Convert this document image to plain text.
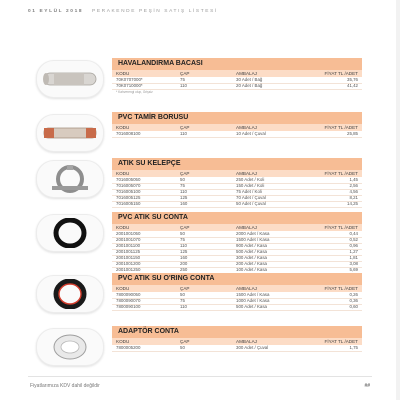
01 EYLÜL 2018 PERAKENDE PEŞİN SATIŞ LİSTESİ
HAVALANDIRMA BACASI
KODU	ÇAP	AMBALAJ	FİYAT TL /ADET
70K0707000*	75	30 Adet / Bağ	35,76
70K0710000*	110	20 Adet / Bağ	41,42
* Kahverengi olup, Grişsiz
PVC TAMİR BORUSU
KODU	ÇAP	AMBALAJ	FİYAT TL /ADET
7016008100	110	10 Adet / Çuval	25,85
ATIK SU KELEPÇE
KODU	ÇAP	AMBALAJ	FİYAT TL /ADET
7016005050	50	250 Adet / Koli	1,45
7016005070	75	150 Adet / Koli	2,56
7016005100	110	75 Adet / Koli	4,56
7016005125	125	70 Adet / Çuval	8,21
7016005150	160	50 Adet / Çuval	14,25
PVC ATIK SU CONTA
KODU	ÇAP	AMBALAJ	FİYAT TL /ADET
2001001050	50	2000 Adet / Kasa	0,44
2001001070	75	1500 Adet / Kasa	0,52
2001001100	110	900 Adet / Kasa	0,96
2001001125	125	500 Adet / Kasa	1,27
2001001150	160	300 Adet / Kasa	1,81
2001001200	200	200 Adet / Kasa	3,08
2001001250	250	100 Adet / Kasa	5,69
PVC ATIK SU O'RING CONTA
KODU	ÇAP	AMBALAJ	FİYAT TL /ADET
7800090050	50	1500 Adet / Kasa	0,26
7800090070	75	1000 Adet / Kasa	0,36
7800090100	110	500 Adet / Kasa	0,60
ADAPTÖR CONTA
KODU	ÇAP	AMBALAJ	FİYAT TL /ADET
7800005200	50	300 Adet / Çuval	1,75
Fiyatlarımıza KDV dahil değildir	##
